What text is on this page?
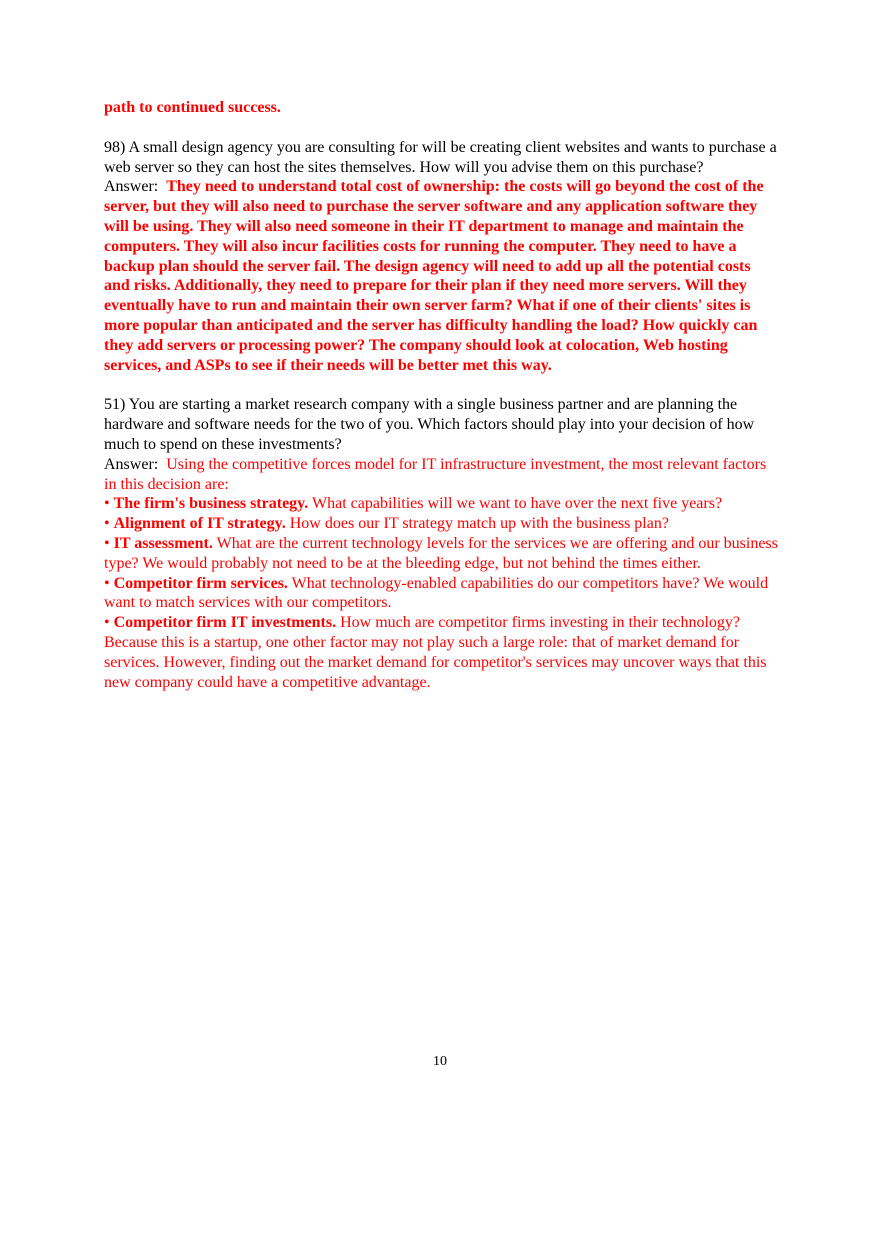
path to continued success.

98) A small design agency you are consulting for will be creating client websites and wants to purchase a web server so they can host the sites themselves. How will you advise them on this purchase?

Answer: They need to understand total cost of ownership: the costs will go beyond the cost of the server, but they will also need to purchase the server software and any application software they will be using. They will also need someone in their IT department to manage and maintain the computers. They will also incur facilities costs for running the computer. They need to have a backup plan should the server fail. The design agency will need to add up all the potential costs and risks. Additionally, they need to prepare for their plan if they need more servers. Will they eventually have to run and maintain their own server farm? What if one of their clients' sites is more popular than anticipated and the server has difficulty handling the load? How quickly can they add servers or processing power? The company should look at colocation, Web hosting services, and ASPs to see if their needs will be better met this way.

51) You are starting a market research company with a single business partner and are planning the hardware and software needs for the two of you. Which factors should play into your decision of how much to spend on these investments?

Answer: Using the competitive forces model for IT infrastructure investment, the most relevant factors in this decision are:

• The firm's business strategy. What capabilities will we want to have over the next five years?

• Alignment of IT strategy. How does our IT strategy match up with the business plan?

• IT assessment. What are the current technology levels for the services we are offering and our business type? We would probably not need to be at the bleeding edge, but not behind the times either.

• Competitor firm services. What technology-enabled capabilities do our competitors have? We would want to match services with our competitors.

• Competitor firm IT investments. How much are competitor firms investing in their technology?

Because this is a startup, one other factor may not play such a large role: that of market demand for services. However, finding out the market demand for competitor's services may uncover ways that this new company could have a competitive advantage.

10
